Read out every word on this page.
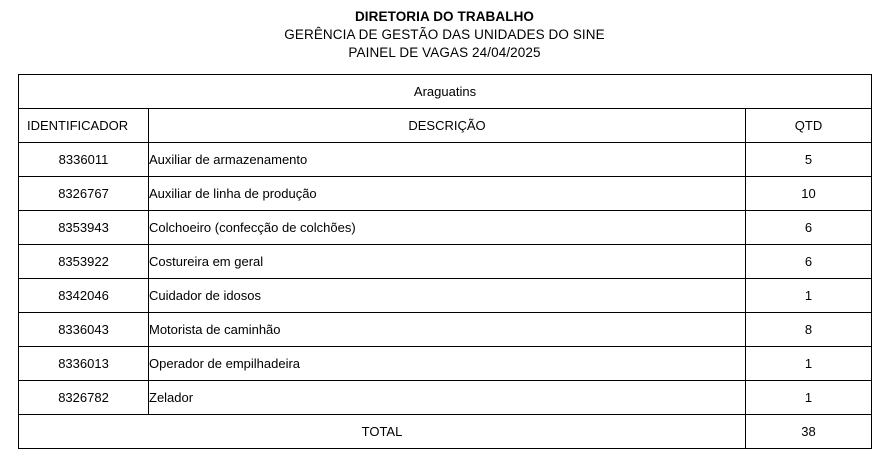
DIRETORIA DO TRABALHO
GERÊNCIA DE GESTÃO DAS UNIDADES DO SINE
PAINEL DE VAGAS 24/04/2025
Araguatins		
IDENTIFICADOR	DESCRIÇÃO	QTD
8336011	Auxiliar de armazenamento	5
8326767	Auxiliar de linha de produção	10
8353943	Colchoeiro (confecção de colchões)	6
8353922	Costureira em geral	6
8342046	Cuidador de idosos	1
8336043	Motorista de caminhão	8
8336013	Operador de empilhadeira	1
8326782	Zelador	1
TOTAL		38
